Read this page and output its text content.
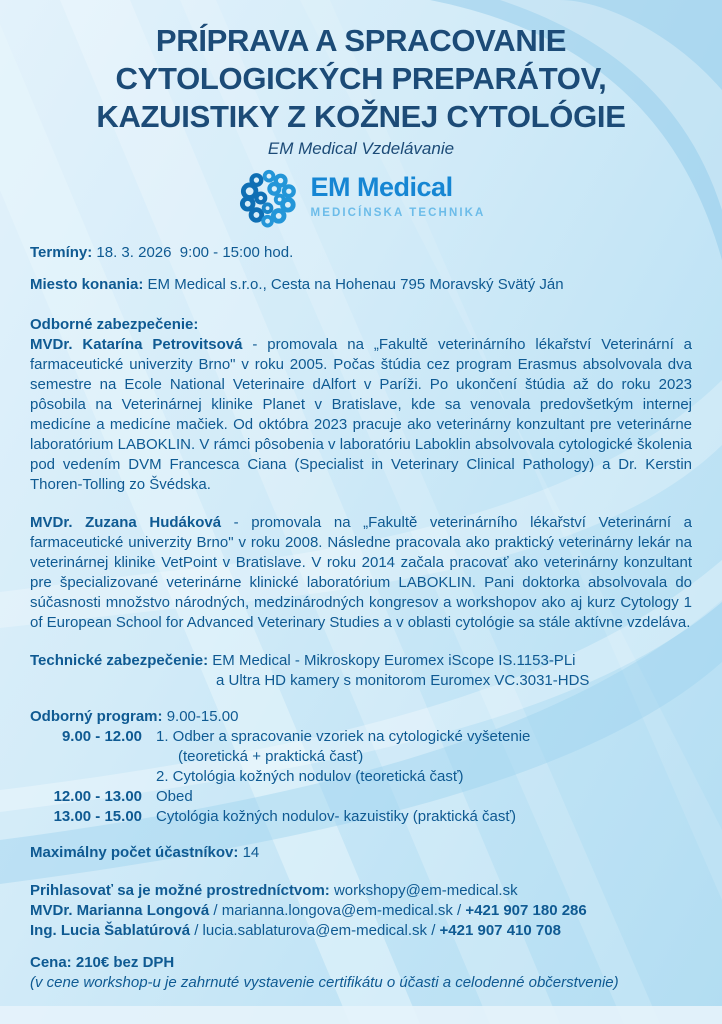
PRÍPRAVA A SPRACOVANIE
CYTOLOGICKÝCH PREPARÁTOV,
KAZUISTIKY Z KOŽNEJ CYTOLÓGIE
EM Medical Vzdelávanie
EM Medical
MEDICÍNSKA TECHNIKA

Termíny: 18. 3. 2026  9:00 - 15:00 hod.

Miesto konania: EM Medical s.r.o., Cesta na Hohenau 795 Moravský Svätý Ján

Odborné zabezpečenie:

MVDr. Katarína Petrovitsová - promovala na „Fakultě veterinárního lékařství Veterinární a farmaceutické univerzity Brno" v roku 2005. Počas štúdia cez program Erasmus absolvovala dva semestre na Ecole National Veterinaire dAlfort v Paríži. Po ukončení štúdia až do roku 2023 pôsobila na Veterinárnej klinike Planet v Bratislave, kde sa venovala predovšetkým internej medicíne a medicíne mačiek. Od októbra 2023 pracuje ako veterinárny konzultant pre veterinárne laboratórium LABOKLIN. V rámci pôsobenia v laboratóriu Laboklin absolvovala cytologické školenia pod vedením DVM Francesca Ciana (Specialist in Veterinary Clinical Pathology) a Dr. Kerstin Thoren-Tolling zo Švédska.

MVDr. Zuzana Hudáková - promovala na „Fakultě veterinárního lékařství Veterinární a farmaceutické univerzity Brno" v roku 2008. Následne pracovala ako praktický veterinárny lekár na veterinárnej klinike VetPoint v Bratislave. V roku 2014 začala pracovať ako veterinárny konzultant pre špecializované veterinárne klinické laboratórium LABOKLIN. Pani doktorka absolvovala do súčasnosti množstvo národných, medzinárodných kongresov a workshopov ako aj kurz Cytology 1 of European School for Advanced Veterinary Studies a v oblasti cytológie sa stále aktívne vzdeláva.

Technické zabezpečenie: EM Medical - Mikroskopy Euromex iScope IS.1153-PLi

a Ultra HD kamery s monitorom Euromex VC.3031-HDS

Odborný program: 9.00-15.00

9.00 - 12.00 1. Odber a spracovanie vzoriek na cytologické vyšetenie
(teoretická + praktická časť)
2. Cytológia kožných nodulov (teoretická časť)
12.00 - 13.00 Obed
13.00 - 15.00 Cytológia kožných nodulov- kazuistiky (praktická časť)

Maximálny počet účastníkov: 14

Prihlasovať sa je možné prostredníctvom: workshopy@em-medical.sk

MVDr. Marianna Longová / marianna.longova@em-medical.sk / +421 907 180 286

Ing. Lucia Šablatúrová / lucia.sablaturova@em-medical.sk / +421 907 410 708

Cena: 210€ bez DPH

(v cene workshop-u je zahrnuté vystavenie certifikátu o účasti a celodenné občerstvenie)
